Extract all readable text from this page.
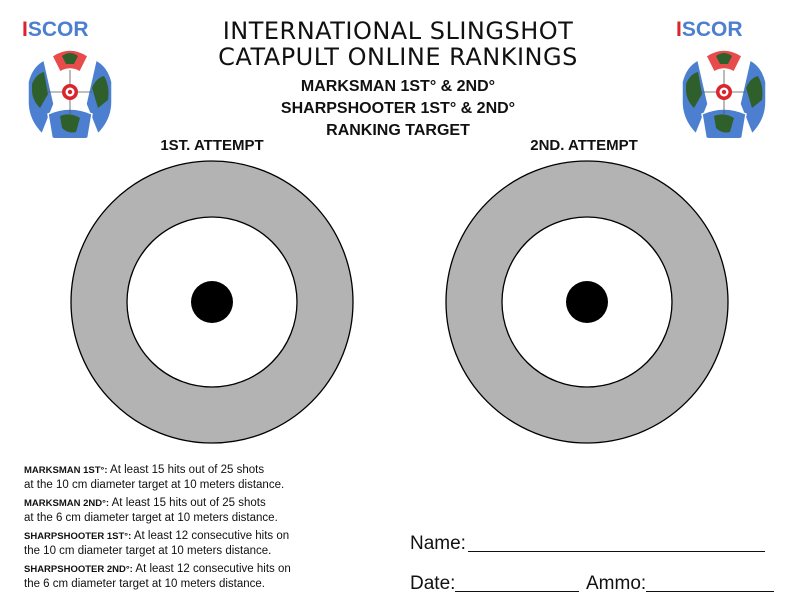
ISCOR	ISCOR
INTERNATIONAL SLINGSHOT
CATAPULT ONLINE RANKINGS
MARKSMAN 1ST° & 2ND°
SHARPSHOOTER 1ST° & 2ND°
RANKING TARGET
1ST. ATTEMPT	2ND. ATTEMPT
MARKSMAN 1ST°: At least 15 hits out of 25 shots
at the 10 cm diameter target at 10 meters distance.
MARKSMAN 2ND°: At least 15 hits out of 25 shots
at the 6 cm diameter target at 10 meters distance.
SHARPSHOOTER 1ST°: At least 12 consecutive hits on
the 10 cm diameter target at 10 meters distance.
SHARPSHOOTER 2ND°: At least 12 consecutive hits on
the 6 cm diameter target at 10 meters distance.
Name:
Date:	Ammo:
